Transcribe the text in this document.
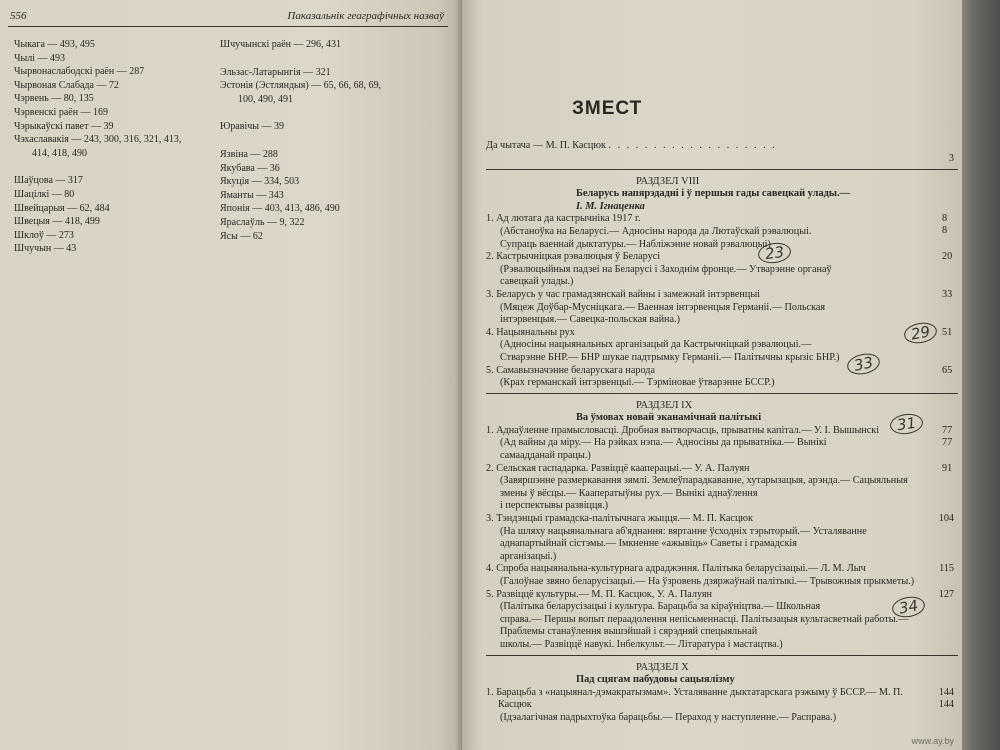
556	Паказальнік геаграфічных назваў
Чыкага — 493, 495
Чылі — 493
Чырвонаслабодскі раён — 287
Чырвоная Слабада — 72
Чэрвень — 80, 135
Чэрвенскі раён — 169
Чэрыкаўскі павет — 39
Чэхаславакія — 243, 300, 316, 321, 413,
414, 418, 490
Шаўцова — 317
Шацілкі — 80
Швейцарыя — 62, 484
Швецыя — 418, 499
Шклоў — 273
Шчучын — 43
Шчучынскі раён — 296, 431
Эльзас-Латарынгія — 321
Эстонія (Эстляндыя) — 65, 66, 68, 69,
100, 490, 491
Юравічы — 39
Язвіна — 288
Якубава — 36
Якуція — 334, 503
Яманты — 343
Японія — 403, 413, 486, 490
Яраслаўль — 9, 322
Ясы — 62
ЗМЕСТ
Да чытача — М. П. Касцюк . . . . . . . . . . . . . . . . . . .
3
РАЗДЗЕЛ VIII
Беларусь напярэдадні і ў першыя гады савецкай улады.—
І. М. Ігнаценка
1. Ад лютага да кастрычніка 1917 г.	8
8
(Абстаноўка на Беларусі.— Адносіны народа да Лютаўскай рэвалюцыі.
Супраць ваеннай дыктатуры.— Набліжэнне новай рэвалюцыі)
2. Кастрычніцкая рэвалюцыя ў Беларусі	20
(Рэвалюцыйныя падзеі на Беларусі і Заходнім фронце.— Утварэнне органаў
савецкай улады.)
3. Беларусь у час грамадзянскай вайны і замежнай інтэрвенцыі	33
(Мяцеж Доўбар-Мусніцкага.— Ваенная інтэрвенцыя Германіі.— Польская
інтэрвенцыя.— Савецка-польская вайна.)
4. Нацыянальны рух	51
(Адносіны нацыянальных арганізацый да Кастрычніцкай рэвалюцыі.—
Стварэнне БНР.— БНР шукае падтрымку Германіі.— Палітычны крызіс БНР.)
5. Самавызначэнне беларускага народа	65
(Крах германскай інтэрвенцыі.— Тэрміновае ўтварэнне БССР.)
РАЗДЗЕЛ IX
Ва ўмовах новай эканамічнай палітыкі
1. Аднаўленне прамысловасці. Дробная вытворчасць, прыватны капітал.— У. І. Вышынскі	77
77
(Ад вайны да міру.— На рэйках нэпа.— Адносіны да прыватніка.— Вынікі
самаадданай працы.)
2. Сельская гаспадарка. Развіццё кааперацыі.— У. А. Палуян	91
(Завяршэнне размеркавання зямлі. Землеўпарадкаванне, хутарызацыя, арэнда.— Сацыяльныя змены ў вёсцы.— Кааператыўны рух.— Вынікі аднаўлення
і перспектывы развіцця.)
3. Тэндэнцыі грамадска-палітычнага жыцця.— М. П. Касцюк	104
(На шляху нацыянальнага аб'яднання: вяртанне ўсходніх тэрыторый.— Усталяванне аднапартыйнай сістэмы.— Імкненне «ажывіць» Саветы і грамадскія
арганізацыі.)
4. Спроба нацыянальна-культурнага адраджэння. Палітыка беларусізацыі.— Л. М. Лыч	115
(Галоўнае звяно беларусізацыі.— На ўзровень дзяржаўнай палітыкі.— Трывожныя прыкметы.)
5. Развіццё культуры.— М. П. Касцюк, У. А. Палуян	127
(Палітыка беларусізацыі і культура. Барацьба за кіраўніцтва.— Школьная
справа.— Першы вопыт пераадолення непісьменнасці. Палітызацыя культасветнай работы.— Праблемы станаўлення вышэйшай і сярэдняй спецыяльнай
школы.— Развіццё навукі. Інбелкульт.— Літаратура і мастацтва.)
РАЗДЗЕЛ X
Пад сцягам пабудовы сацыялізму
1. Барацьба з «нацыянал-дэмакратызмам». Усталяванне дыктатарскага рэжыму ў БССР.— М. П. Касцюк
144
144
(Ідэалагічная падрыхтоўка барацьбы.— Пераход у наступленне.— Расправа.)
23
29
33
31
34
www.ay.by
